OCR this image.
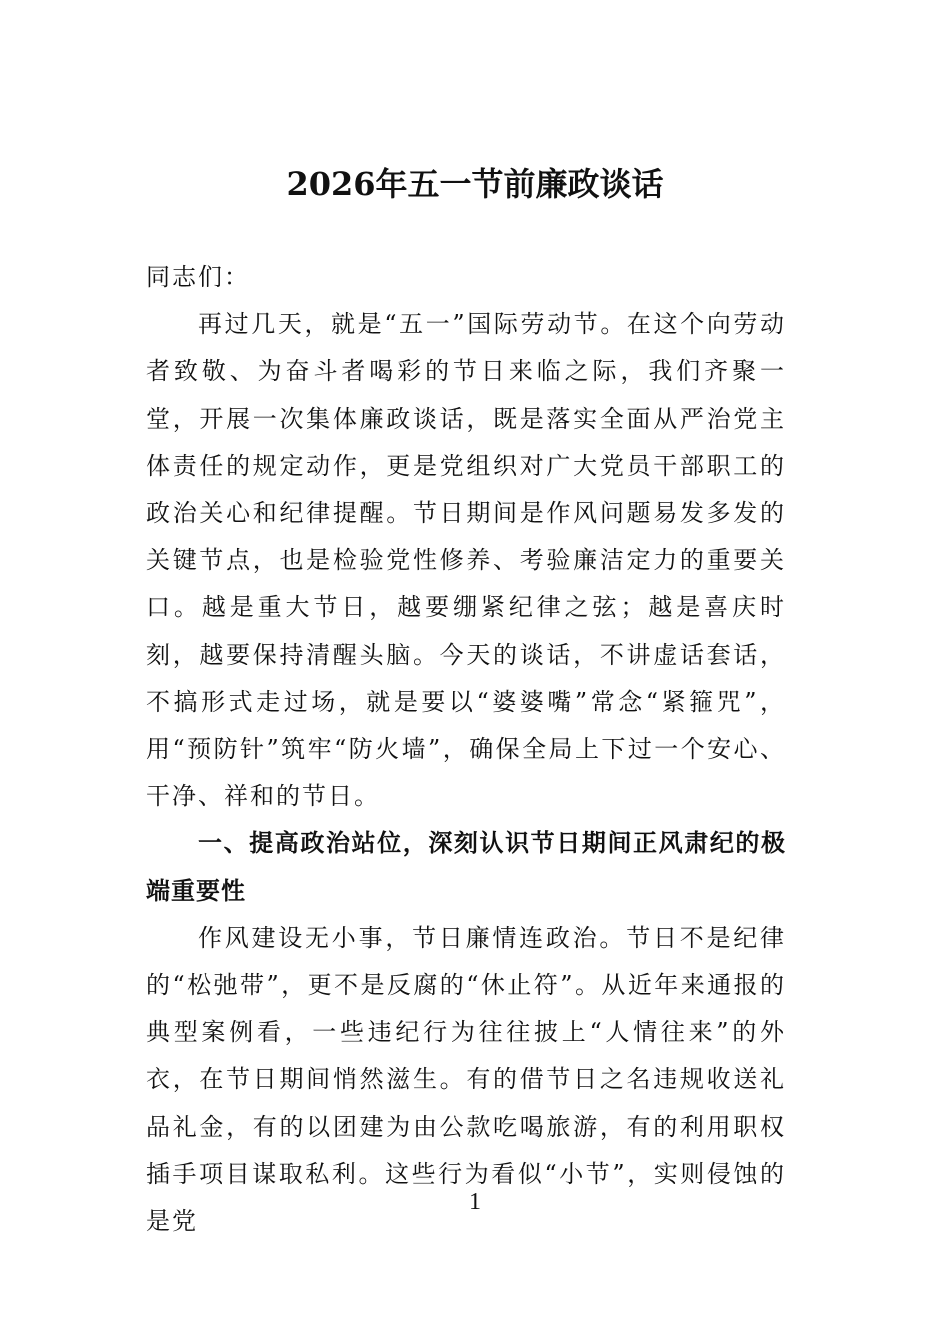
2026年五一节前廉政谈话

同志们：

再过几天，就是“五一”国际劳动节。在这个向劳动者致敬、为奋斗者喝彩的节日来临之际，我们齐聚一堂，开展一次集体廉政谈话，既是落实全面从严治党主体责任的规定动作，更是党组织对广大党员干部职工的政治关心和纪律提醒。节日期间是作风问题易发多发的关键节点，也是检验党性修养、考验廉洁定力的重要关口。越是重大节日，越要绷紧纪律之弦；越是喜庆时刻，越要保持清醒头脑。今天的谈话，不讲虚话套话，不搞形式走过场，就是要以“婆婆嘴”常念“紧箍咒”，用“预防针”筑牢“防火墙”，确保全局上下过一个安心、干净、祥和的节日。

一、提高政治站位，深刻认识节日期间正风肃纪的极端重要性

作风建设无小事，节日廉情连政治。节日不是纪律的“松弛带”，更不是反腐的“休止符”。从近年来通报的典型案例看，一些违纪行为往往披上“人情往来”的外衣，在节日期间悄然滋生。有的借节日之名违规收送礼品礼金，有的以团建为由公款吃喝旅游，有的利用职权插手项目谋取私利。这些行为看似“小节”，实则侵蚀的是党

1
